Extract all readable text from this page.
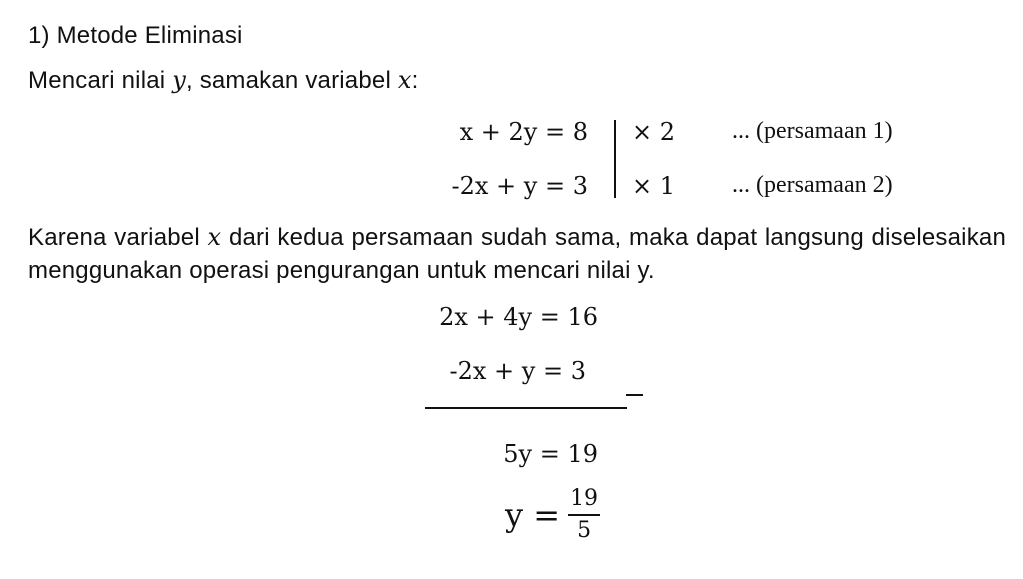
1) Metode Eliminasi
Mencari nilai y, samakan variabel x:
x + 2y = 8
-2x + y = 3
× 2
× 1
... (persamaan 1)
... (persamaan 2)
Karena variabel x dari kedua persamaan sudah sama, maka dapat langsung diselesaikan menggunakan operasi pengurangan untuk mencari nilai y.
2x + 4y = 16
-2x + y = 3
5y = 19
$y = \frac{19}{5}$
